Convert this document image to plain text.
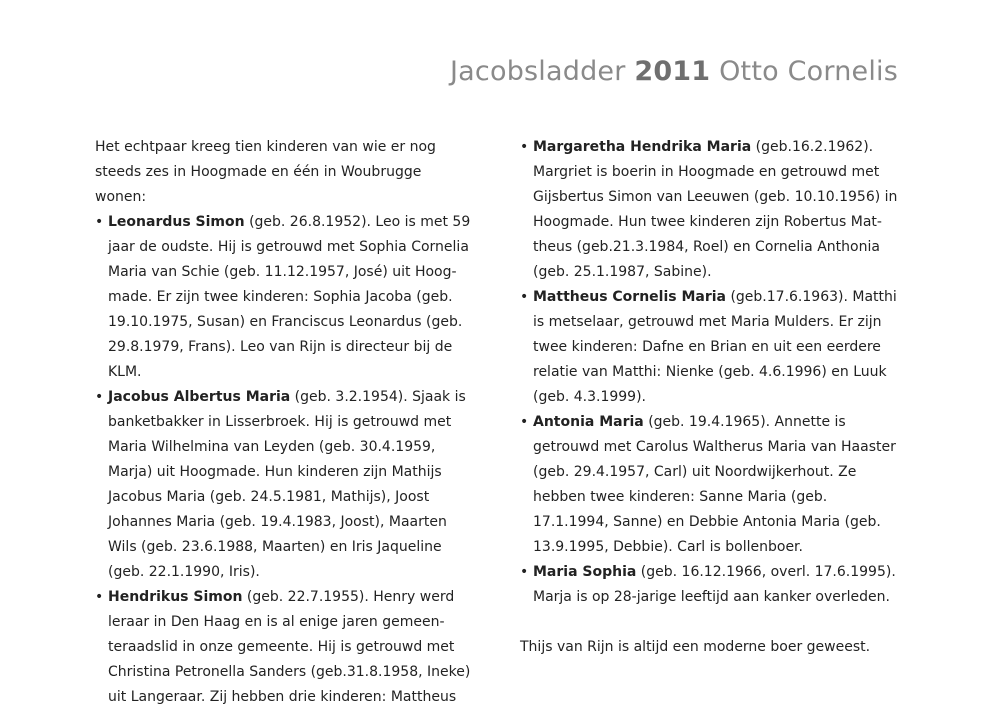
Jacobsladder 2011 Otto Cornelis

Het echtpaar kreeg tien kinderen van wie er nog steeds zes in Hoogmade en één in Woubrugge wonen:

• Leonardus Simon (geb. 26.8.1952). Leo is met 59 jaar de oudste. Hij is getrouwd met Sophia Cornelia Maria van Schie (geb. 11.12.1957, José) uit Hoog-made. Er zijn twee kinderen: Sophia Jacoba (geb. 19.10.1975, Susan) en Franciscus Leonardus (geb. 29.8.1979, Frans). Leo van Rijn is directeur bij de KLM.
• Jacobus Albertus Maria (geb. 3.2.1954). Sjaak is banketbakker in Lisserbroek. Hij is getrouwd met Maria Wilhelmina van Leyden (geb. 30.4.1959, Marja) uit Hoogmade. Hun kinderen zijn Mathijs Jacobus Maria (geb. 24.5.1981, Mathijs), Joost Johannes Maria (geb. 19.4.1983, Joost), Maarten Wils (geb. 23.6.1988, Maarten) en Iris Jaqueline (geb. 22.1.1990, Iris).
• Hendrikus Simon (geb. 22.7.1955). Henry werd leraar in Den Haag en is al enige jaren gemeen-teraadslid in onze gemeente. Hij is getrouwd met Christina Petronella Sanders (geb.31.8.1958, Ineke) uit Langeraar. Zij hebben drie kinderen: Mattheus
• Margaretha Hendrika Maria (geb.16.2.1962). Margriet is boerin in Hoogmade en getrouwd met Gijsbertus Simon van Leeuwen (geb. 10.10.1956) in Hoogmade. Hun twee kinderen zijn Robertus Mat-theus (geb.21.3.1984, Roel) en Cornelia Anthonia (geb. 25.1.1987, Sabine).
• Mattheus Cornelis Maria (geb.17.6.1963). Matthi is metselaar, getrouwd met Maria Mulders. Er zijn twee kinderen: Dafne en Brian en uit een eerdere relatie van Matthi: Nienke (geb. 4.6.1996) en Luuk (geb. 4.3.1999).
• Antonia Maria (geb. 19.4.1965). Annette is getrouwd met Carolus Waltherus Maria van Haaster (geb. 29.4.1957, Carl) uit Noordwijkerhout. Ze hebben twee kinderen: Sanne Maria (geb. 17.1.1994, Sanne) en Debbie Antonia Maria (geb. 13.9.1995, Debbie). Carl is bollenboer.
• Maria Sophia (geb. 16.12.1966, overl. 17.6.1995). Marja is op 28-jarige leeftijd aan kanker overleden.

Thijs van Rijn is altijd een moderne boer geweest.
